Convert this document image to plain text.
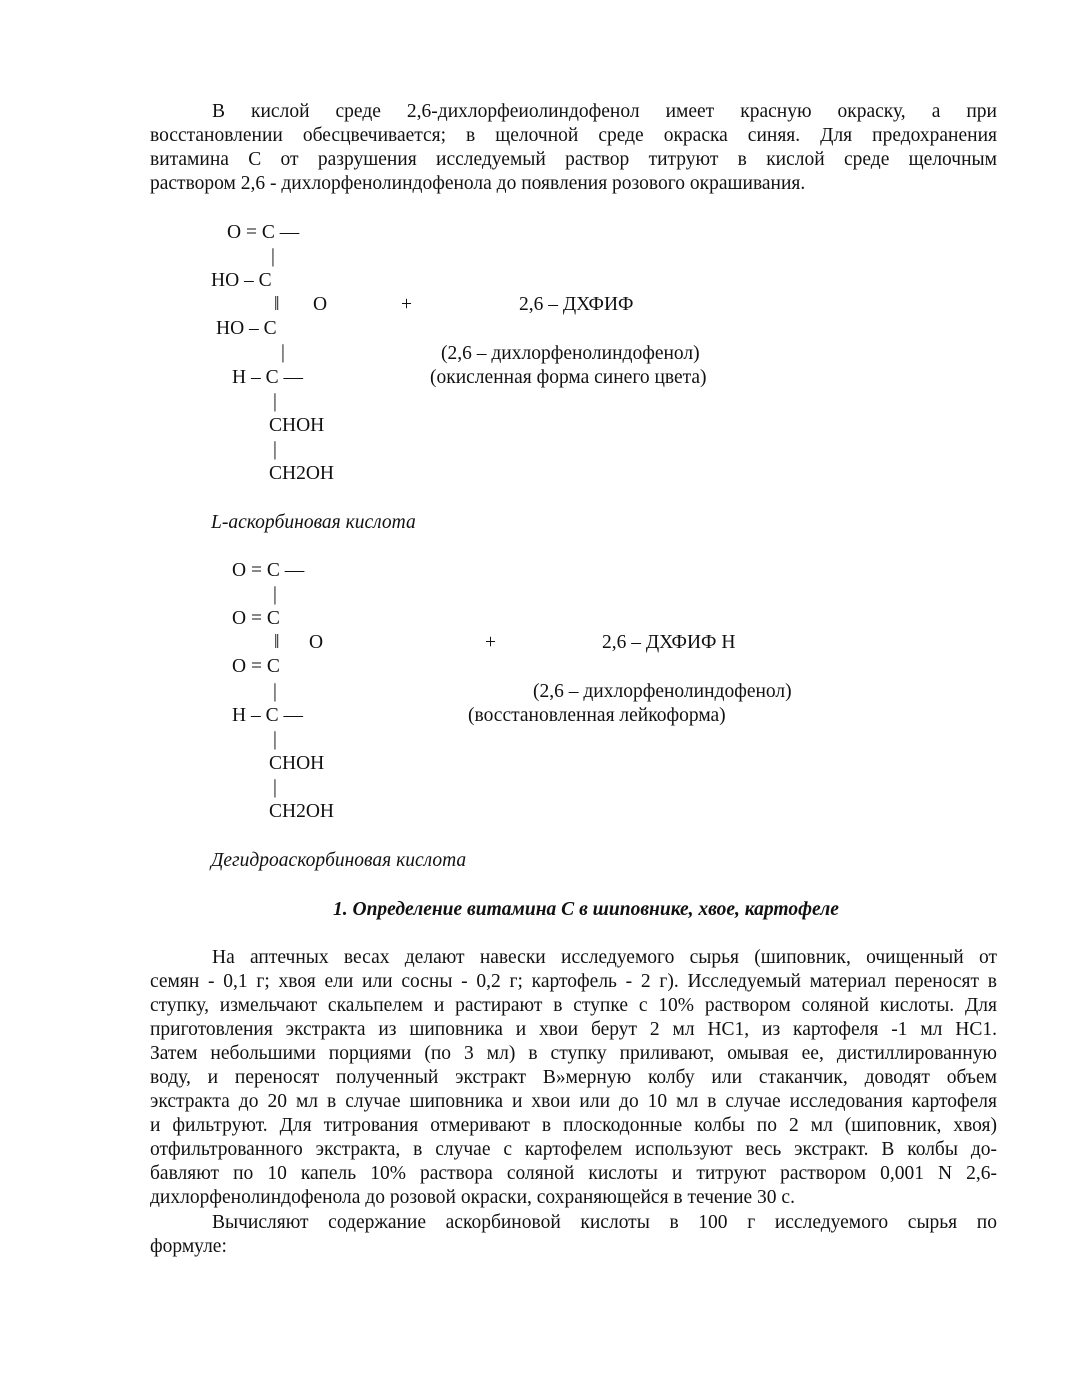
В кислой среде 2,6-дихлорфеиолиндофенол имеет красную окраску, а при
восстановлении обесцвечивается; в щелочной среде окраска синяя. Для предохранения
витамина С от разрушения исследуемый раствор титруют в кислой среде щелочным
раствором 2,6 - дихлорфенолиндофенола до появления розового окрашивания.
O = C —
|
HO – C
‖ O
HO – C
|
H – C —
|
CHOH
|
CH2OH
+	2,6 – ДХФИФ
(2,6 – дихлорфенолиндофенол)
(окисленная форма синего цвета)
L-аскорбиновая кислота
O = C —
|
O = C
‖ O
O = C
|
H – C —
|
CHOH
|
CH2OH
+	2,6 – ДХФИФ Н
(2,6 – дихлорфенолиндофенол)
(восстановленная лейкоформа)
Дегидроаскорбиновая кислота
1. Определение витамина С в шиповнике, хвое, картофеле
На аптечных весах делают навески исследуемого сырья (шиповник, очищенный от
семян - 0,1 г; хвоя ели или сосны - 0,2 г; картофель - 2 г). Исследуемый материал переносят в
ступку, измельчают скальпелем и растирают в ступке с 10% раствором соляной кислоты. Для
приготовления экстракта из шиповника и хвои берут 2 мл НС1, из картофеля -1 мл НС1.
Затем небольшими порциями (по 3 мл) в ступку приливают, омывая ее, дистиллированную
воду, и переносят полученный экстракт В»мерную колбу или стаканчик, доводят объем
экстракта до 20 мл в случае шиповника и хвои или до 10 мл в случае исследования картофеля
и фильтруют. Для титрования отмеривают в плоскодонные колбы по 2 мл (шиповник, хвоя)
отфильтрованного экстракта, в случае с картофелем используют весь экстракт. В колбы до-
бавляют по 10 капель 10% раствора соляной кислоты и титруют раствором 0,001 N 2,6-
дихлорфенолиндофенола до розовой окраски, сохраняющейся в течение 30 с.
Вычисляют содержание аскорбиновой кислоты в 100 г исследуемого сырья по
формуле:
